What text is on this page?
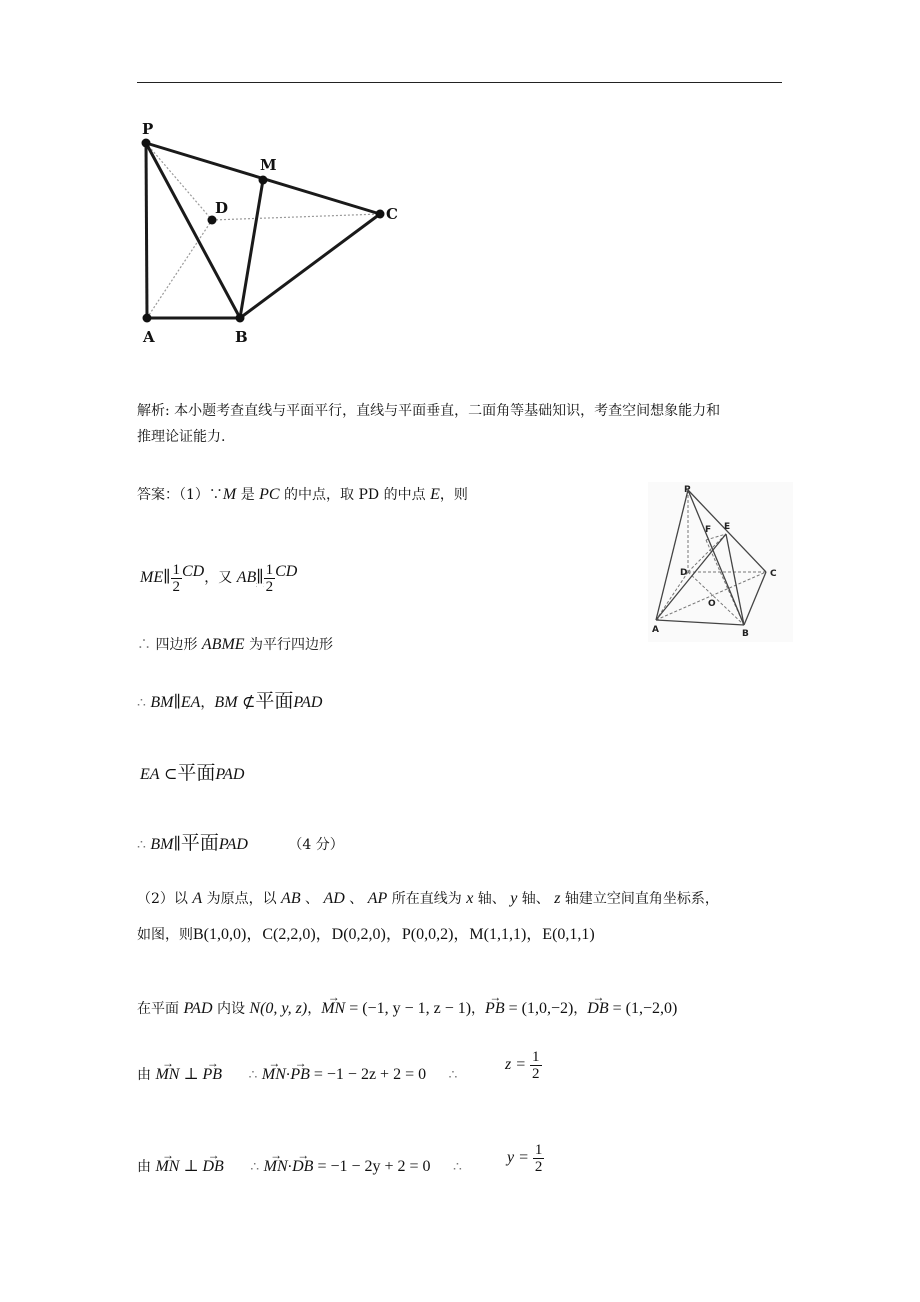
P
M
D	C
A	B
P
F E
D	C
O
A	B
解析: 本小题考查直线与平面平行，直线与平面垂直，二面角等基础知识，考查空间想象能力和
推理论证能力.
答案：（1）∵M 是 PC 的中点，取 PD 的中点 E，则
ME∥ $\frac{1}{2}$ CD，又 AB∥ $\frac{1}{2}$ CD
∴ 四边形 ABME 为平行四边形
∴ BM∥EA，BM ⊄平面PAD
EA ⊂平面PAD
∴ BM∥平面PAD	（4 分）
（2）以 A 为原点，以 AB 、 AD 、 AP 所在直线为 x 轴、 y 轴、 z 轴建立空间直角坐标系，
如图，则B(1,0,0)，C(2,2,0)，D(0,2,0)，P(0,0,2)，M(1,1,1)，E(0,1,1)
在平面 PAD 内设 N(0, y, z)，→ MN = (−1, y − 1, z − 1)，→ PB = (1,0,−2)，→ DB = (1,−2,0)
由 → MN ⊥ → PB ∴ → MN·→ PB = −1 − 2z + 2 = 0 ∴
$z = \frac{1}{2}$
由 → MN ⊥ → DB ∴ → MN·→ DB = −1 − 2y + 2 = 0 ∴
$y = \frac{1}{2}$
